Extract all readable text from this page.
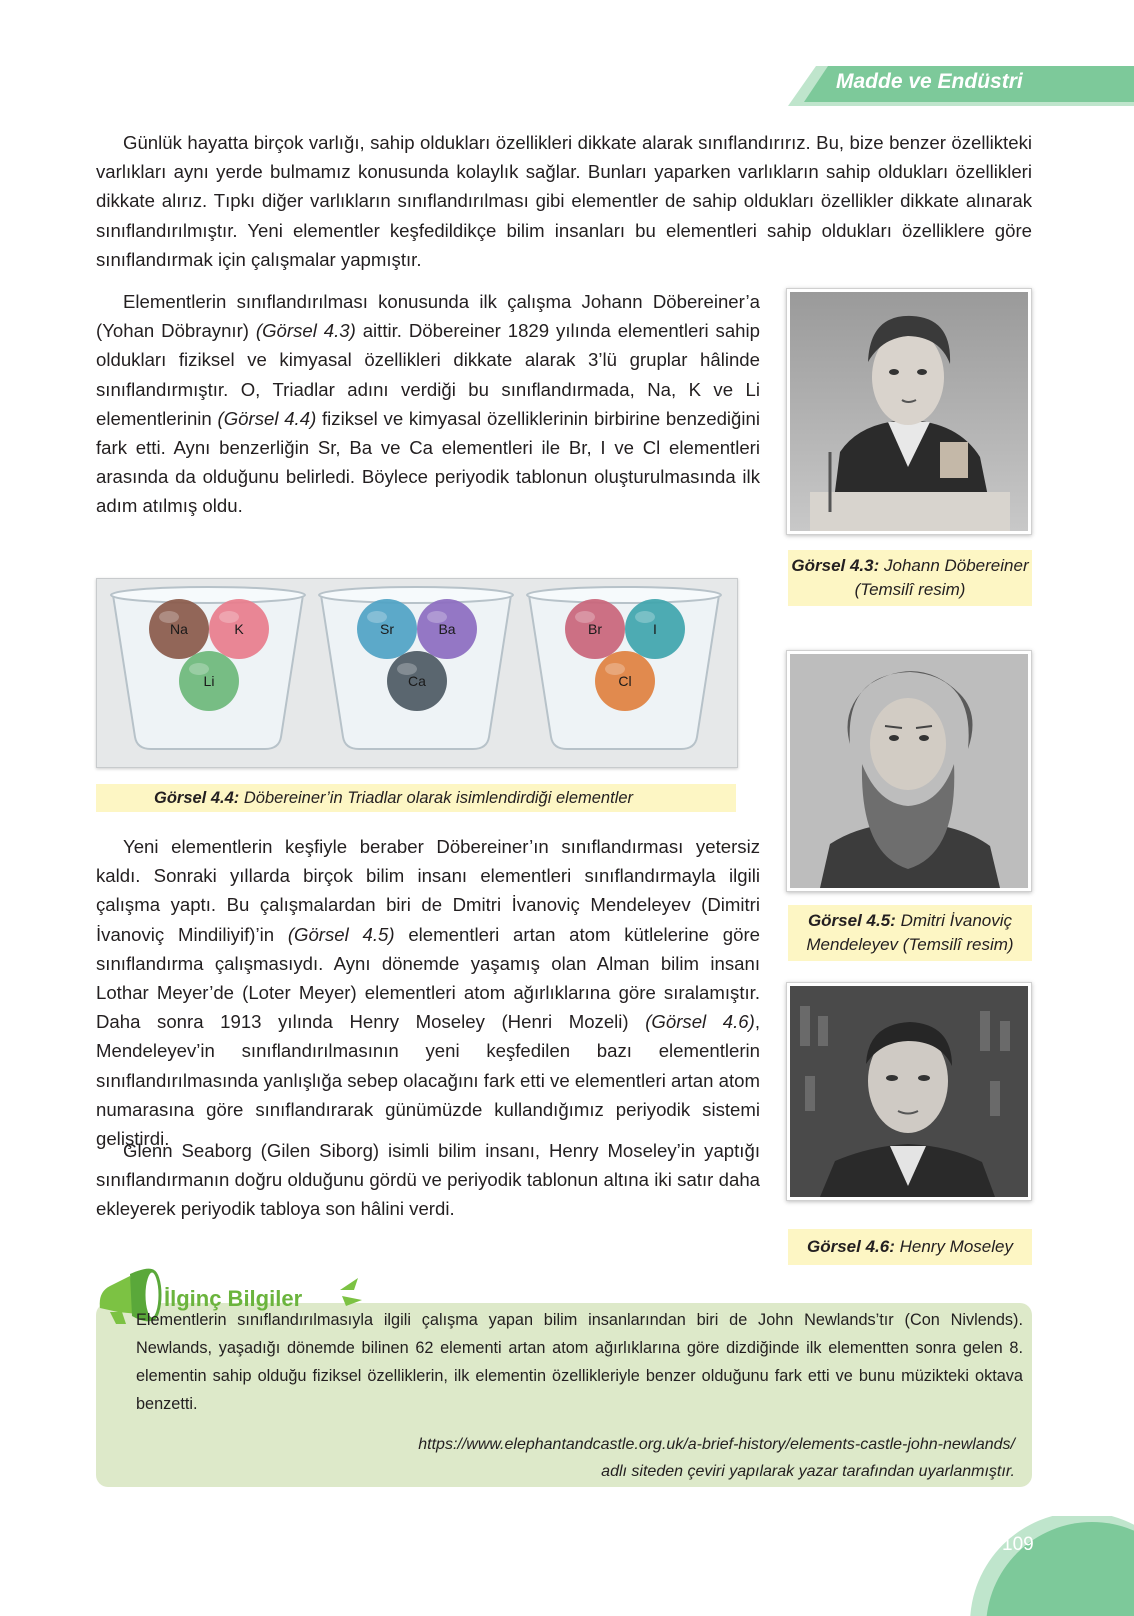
Madde ve Endüstri

Günlük hayatta birçok varlığı, sahip oldukları özellikleri dikkate alarak sınıflandırırız. Bu, bize benzer özellikteki varlıkları aynı yerde bulmamız konusunda kolaylık sağlar. Bunları yaparken varlıkların sahip oldukları özellikleri dikkate alırız. Tıpkı diğer varlıkların sınıflandırılması gibi elementler de sahip oldukları özellikler dikkate alınarak sınıflandırılmıştır. Yeni elementler keşfedildikçe bilim insanları bu elementleri sahip oldukları özelliklere göre sınıflandırmak için çalışmalar yapmıştır.

Elementlerin sınıflandırılması konusunda ilk çalışma Johann Döbereiner’a (Yohan Döbraynır) (Görsel 4.3) aittir. Döbereiner 1829 yılında elementleri sahip oldukları fiziksel ve kimyasal özellikleri dikkate alarak 3’lü gruplar hâlinde sınıflandırmıştır. O, Triadlar adını verdiği bu sınıflandırmada, Na, K ve Li elementlerinin (Görsel 4.4) fiziksel ve kimyasal özelliklerinin birbirine benzediğini fark etti. Aynı benzerliğin Sr, Ba ve Ca elementleri ile Br, I ve Cl elementleri arasında da olduğunu belirledi. Böylece periyodik tablonun oluşturulmasında ilk adım atılmış oldu.

Görsel 4.3: Johann Döbereiner (Temsilî resim)
Na	K
Li
Sr	Ba
Ca
Br	I
Cl
Görsel 4.4: Döbereiner’in Triadlar olarak isimlendirdiği elementler
Görsel 4.5: Dmitri İvanoviç Mendeleyev (Temsilî resim)

Yeni elementlerin keşfiyle beraber Döbereiner’ın sınıflandırması yetersiz kaldı. Sonraki yıllarda birçok bilim insanı elementleri sınıflandırmayla ilgili çalışma yaptı. Bu çalışmalardan biri de Dmitri İvanoviç Mendeleyev (Dimitri İvanoviç Mindiliyif)’in (Görsel 4.5) elementleri artan atom kütlelerine göre sınıflandırma çalışmasıydı. Aynı dönemde yaşamış olan Alman bilim insanı Lothar Meyer’de (Loter Meyer) elementleri atom ağırlıklarına göre sıralamıştır. Daha sonra 1913 yılında Henry Moseley (Henri Mozeli) (Görsel 4.6), Mendeleyev’in sınıflandırılmasının yeni keşfedilen bazı elementlerin sınıflandırılmasında yanlışlığa sebep olacağını fark etti ve elementleri artan atom numarasına göre sınıflandırarak günümüzde kullandığımız periyodik sistemi geliştirdi.

Glenn Seaborg (Gilen Siborg) isimli bilim insanı, Henry Moseley’in yaptığı sınıflandırmanın doğru olduğunu gördü ve periyodik tablonun altına iki satır daha ekleyerek periyodik tabloya son hâlini verdi.

Görsel 4.6: Henry Moseley
İlginç Bilgiler

Elementlerin sınıflandırılmasıyla ilgili çalışma yapan bilim insanlarından biri de John Newlands’tır (Con Nivlends). Newlands, yaşadığı dönemde bilinen 62 elementi artan atom ağırlıklarına göre dizdiğinde ilk elementten sonra gelen 8. elementin sahip olduğu fiziksel özelliklerin, ilk elementin özellikleriyle benzer olduğunu fark etti ve bunu müzikteki oktava benzetti.

https://www.elephantandcastle.org.uk/a-brief-history/elements-castle-john-newlands/
adlı siteden çeviri yapılarak yazar tarafından uyarlanmıştır.
109
